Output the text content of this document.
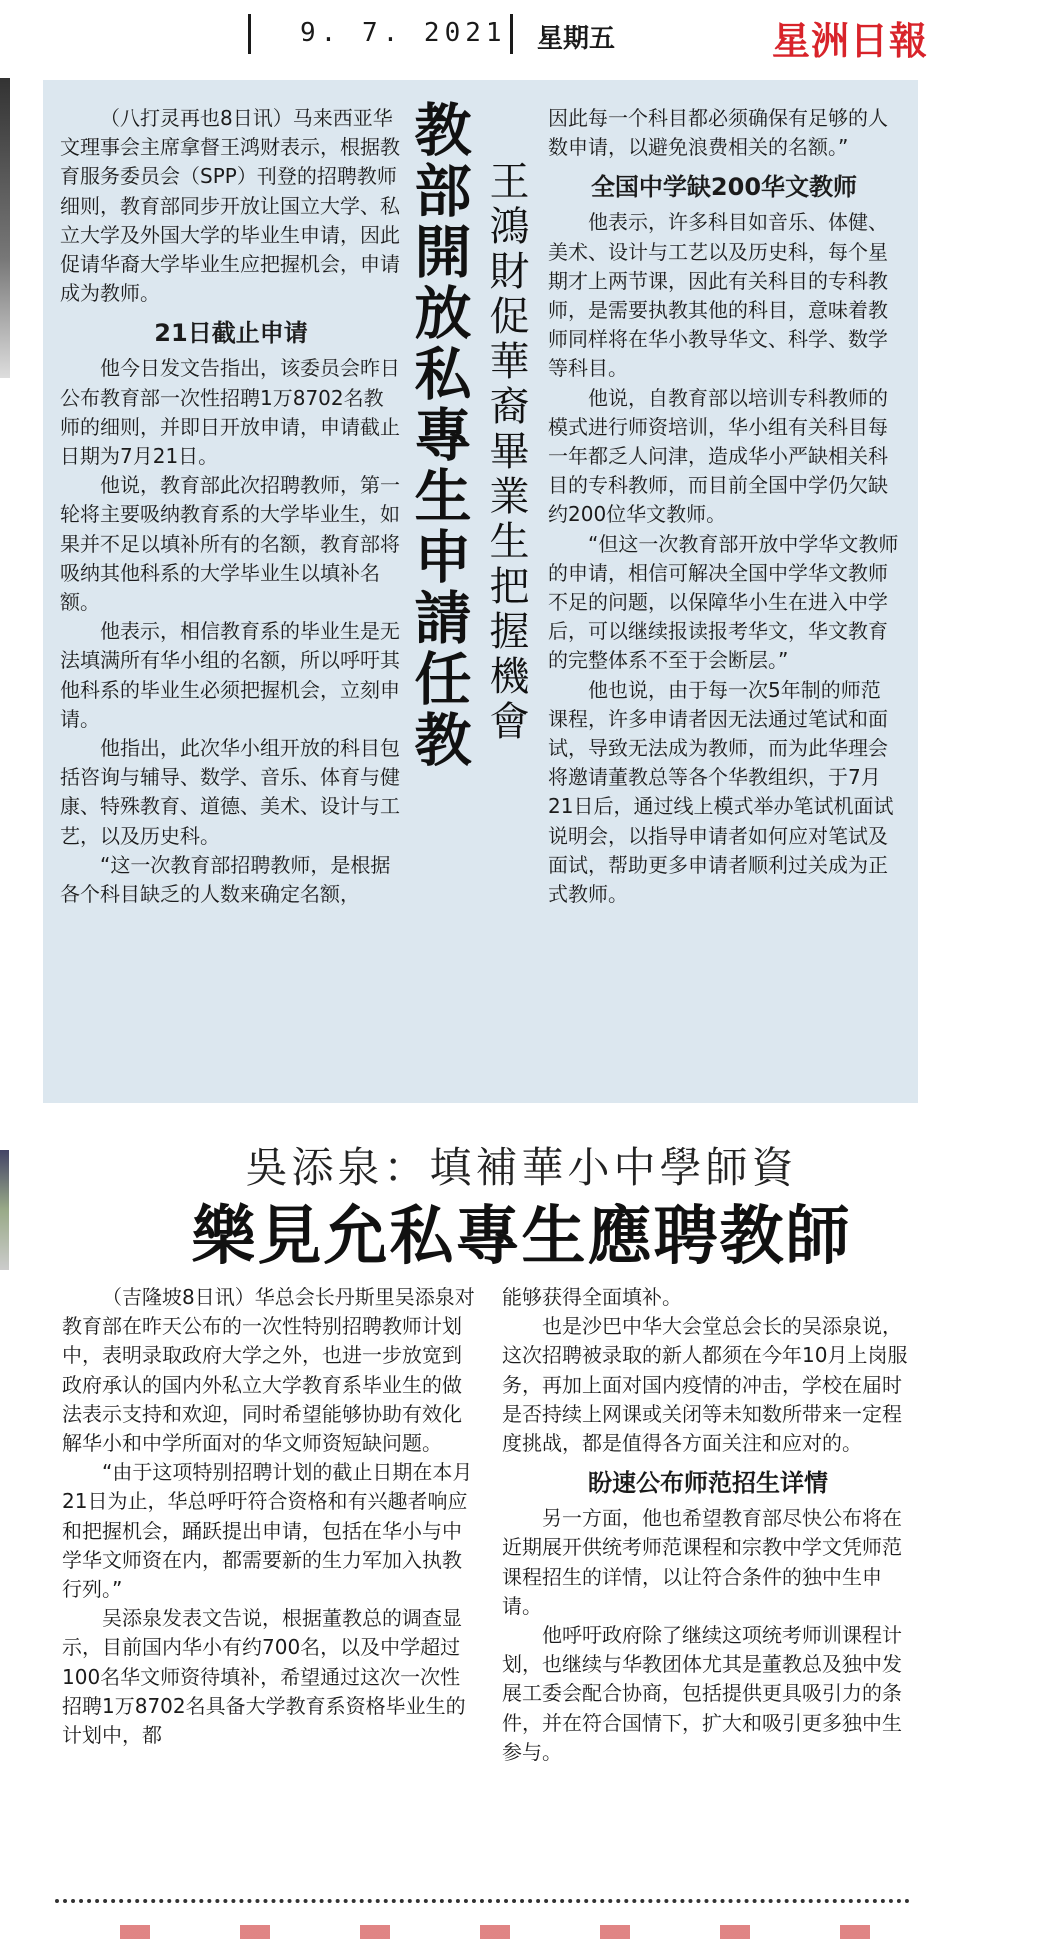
9. 7. 2021 星期五	星洲日報

（八打灵再也8日讯）马来西亚华文理事会主席拿督王鸿财表示，根据教育服务委员会（SPP）刊登的招聘教师细则，教育部同步开放让国立大学、私立大学及外国大学的毕业生申请，因此促请华裔大学毕业生应把握机会，申请成为教师。

21日截止申请

他今日发文告指出，该委员会昨日公布教育部一次性招聘1万8702名教师的细则，并即日开放申请，申请截止日期为7月21日。

他说，教育部此次招聘教师，第一轮将主要吸纳教育系的大学毕业生，如果并不足以填补所有的名额，教育部将吸纳其他科系的大学毕业生以填补名额。

他表示，相信教育系的毕业生是无法填满所有华小组的名额，所以呼吁其他科系的毕业生必须把握机会，立刻申请。

他指出，此次华小组开放的科目包括咨询与辅导、数学、音乐、体育与健康、特殊教育、道德、美术、设计与工艺，以及历史科。

“这一次教育部招聘教师，是根据各个科目缺乏的人数来确定名额，

教部開放私專生申請任教 王鴻財促華裔畢業生把握機會

因此每一个科目都必须确保有足够的人数申请，以避免浪费相关的名额。”

全国中学缺200华文教师

他表示，许多科目如音乐、体健、美术、设计与工艺以及历史科，每个星期才上两节课，因此有关科目的专科教师，是需要执教其他的科目，意味着教师同样将在华小教导华文、科学、数学等科目。

他说，自教育部以培训专科教师的模式进行师资培训，华小组有关科目每一年都乏人问津，造成华小严缺相关科目的专科教师，而目前全国中学仍欠缺约200位华文教师。

“但这一次教育部开放中学华文教师的申请，相信可解决全国中学华文教师不足的问题，以保障华小生在进入中学后，可以继续报读报考华文，华文教育的完整体系不至于会断层。”

他也说，由于每一次5年制的师范课程，许多申请者因无法通过笔试和面试，导致无法成为教师，而为此华理会将邀请董教总等各个华教组织，于7月21日后，通过线上模式举办笔试机面试说明会，以指导申请者如何应对笔试及面试，帮助更多申请者顺利过关成为正式教师。

吳添泉：填補華小中學師資
樂見允私專生應聘教師

（吉隆坡8日讯）华总会长丹斯里吴添泉对教育部在昨天公布的一次性特别招聘教师计划中，表明录取政府大学之外，也进一步放宽到政府承认的国内外私立大学教育系毕业生的做法表示支持和欢迎，同时希望能够协助有效化解华小和中学所面对的华文师资短缺问题。

“由于这项特别招聘计划的截止日期在本月21日为止，华总呼吁符合资格和有兴趣者响应和把握机会，踊跃提出申请，包括在华小与中学华文师资在内，都需要新的生力军加入执教行列。”

吴添泉发表文告说，根据董教总的调查显示，目前国内华小有约700名，以及中学超过100名华文师资待填补，希望通过这次一次性招聘1万8702名具备大学教育系资格毕业生的计划中，都

能够获得全面填补。

也是沙巴中华大会堂总会长的吴添泉说，这次招聘被录取的新人都须在今年10月上岗服务，再加上面对国内疫情的冲击，学校在届时是否持续上网课或关闭等未知数所带来一定程度挑战，都是值得各方面关注和应对的。

盼速公布师范招生详情

另一方面，他也希望教育部尽快公布将在近期展开供统考师范课程和宗教中学文凭师范课程招生的详情，以让符合条件的独中生申请。

他呼吁政府除了继续这项统考师训课程计划，也继续与华教团体尤其是董教总及独中发展工委会配合协商，包括提供更具吸引力的条件，并在符合国情下，扩大和吸引更多独中生参与。
